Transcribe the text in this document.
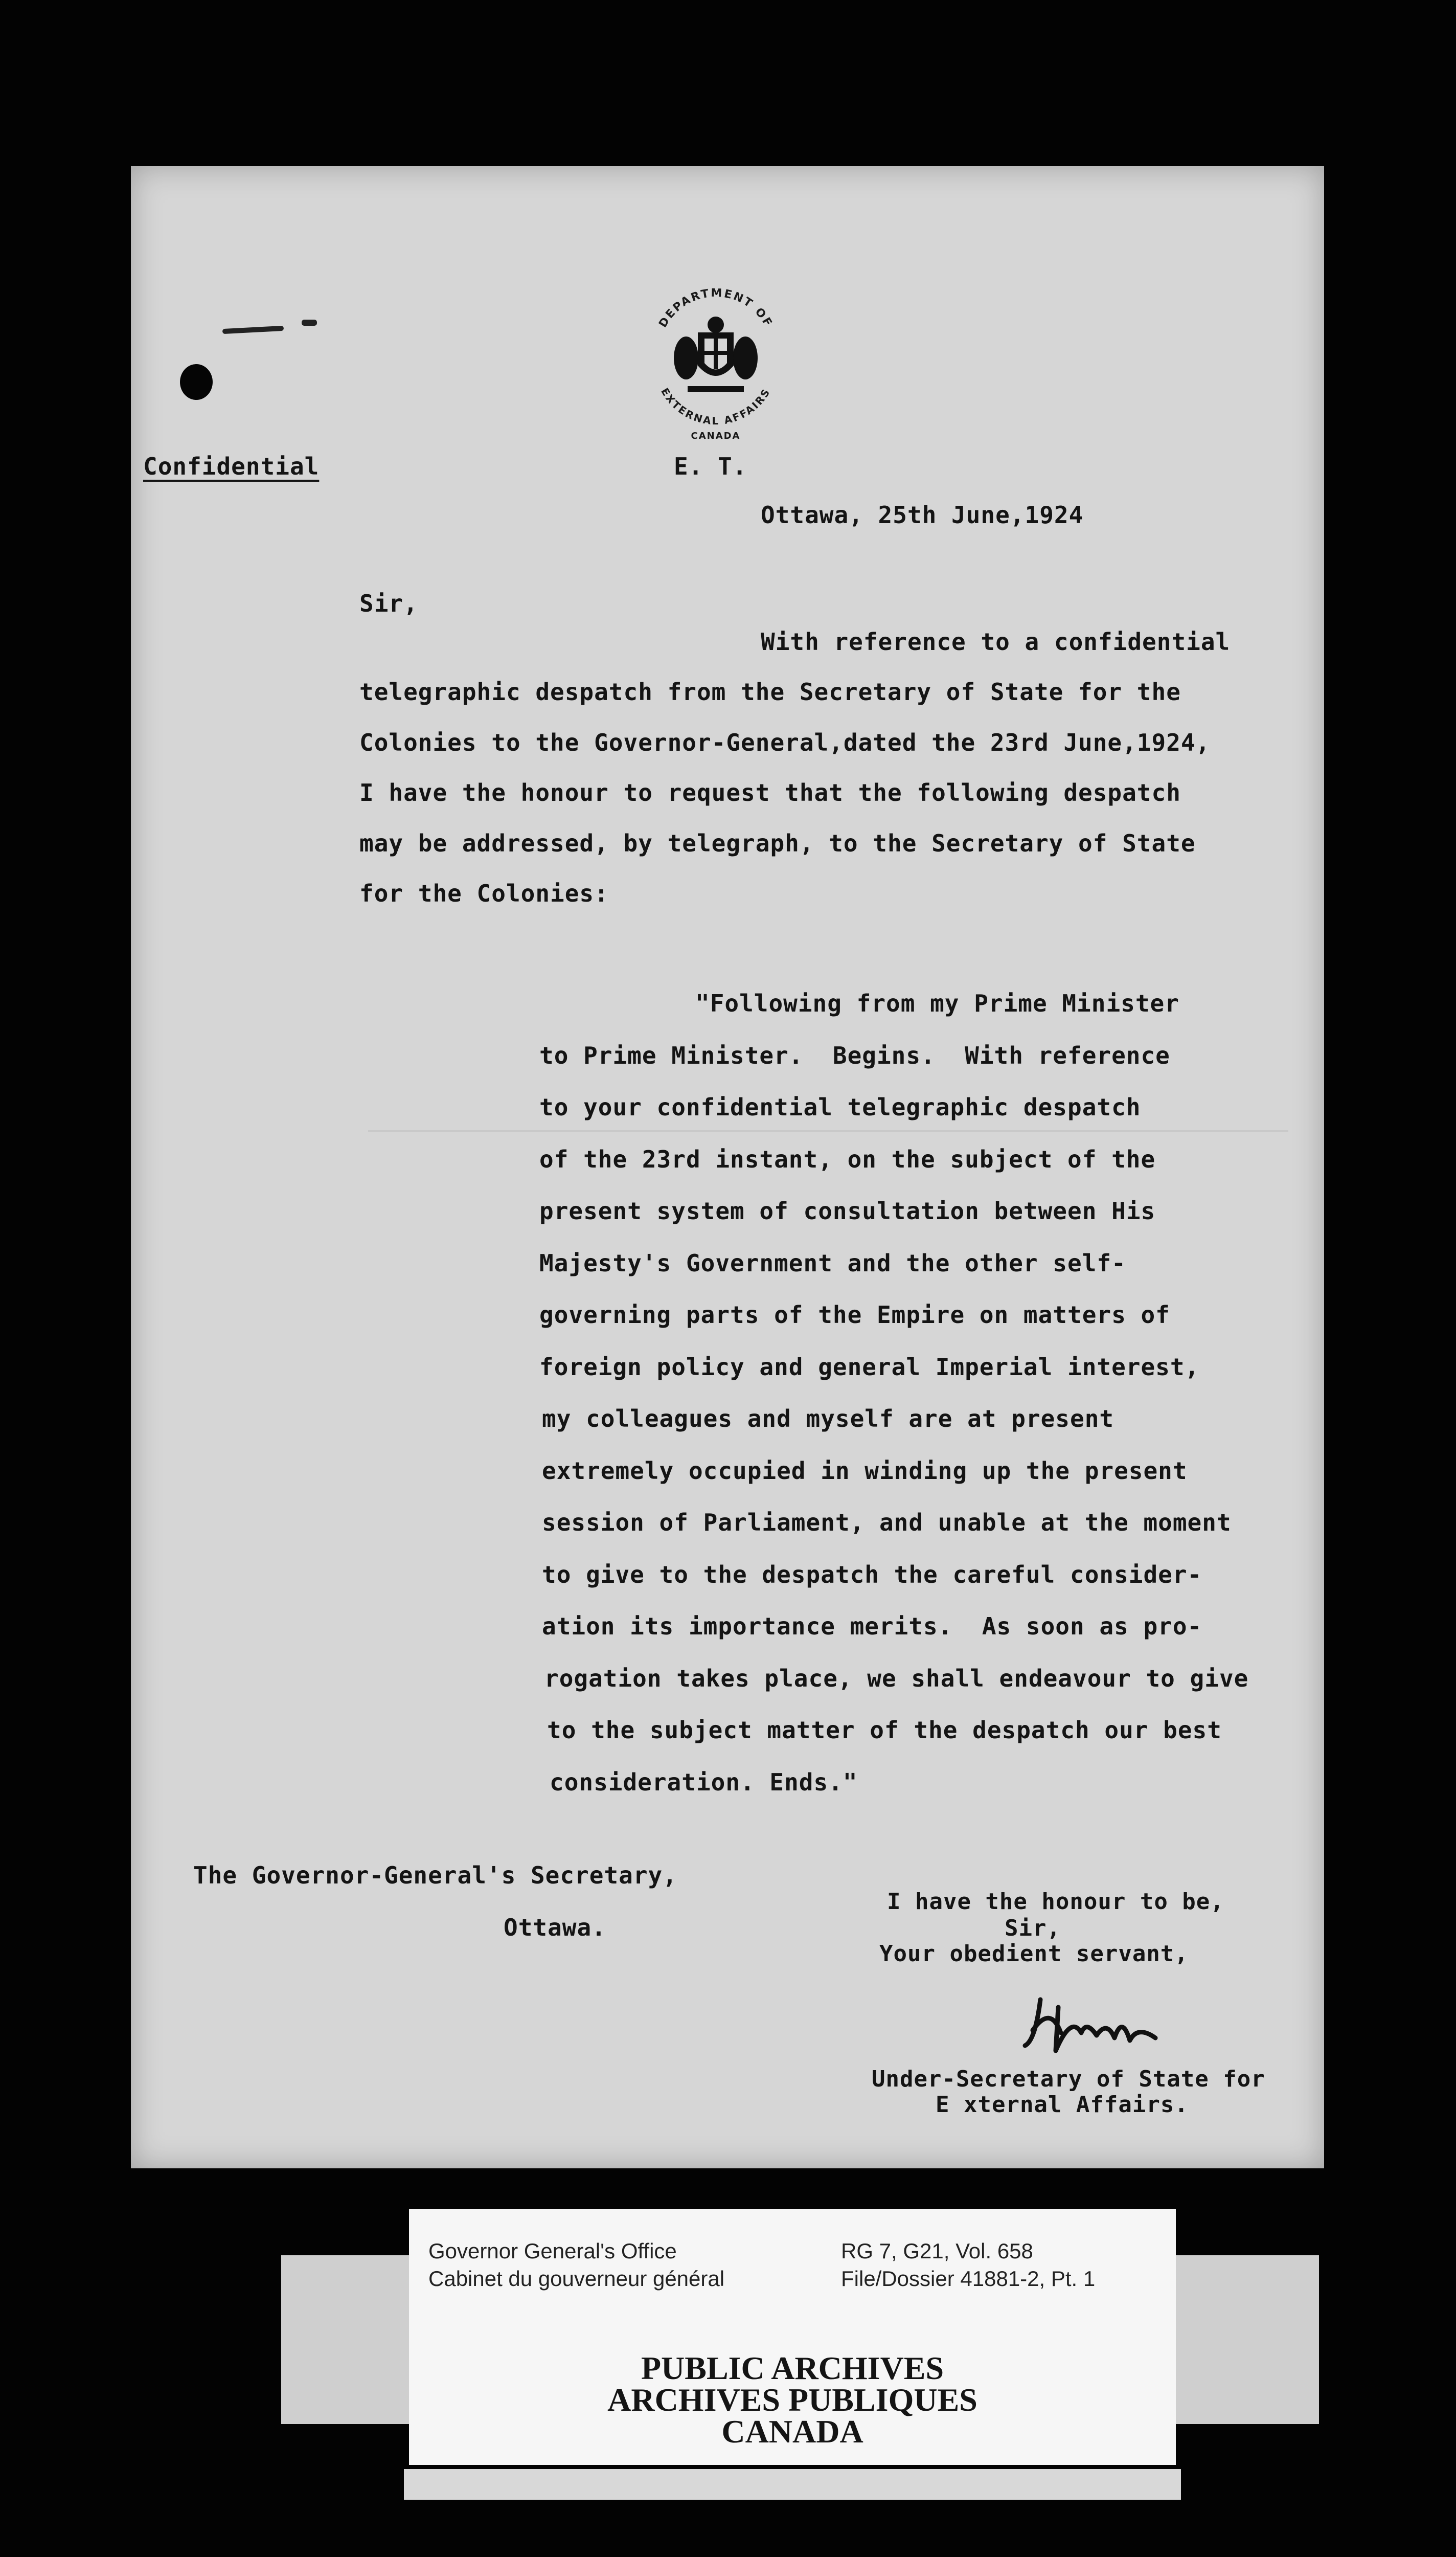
DEPARTMENT OF
EXTERNAL AFFAIRS
CANADA
Confidential	E. T.
Ottawa, 25th June,1924
Sir,
With reference to a confidential
telegraphic despatch from the Secretary of State for the
Colonies to the Governor-General,dated the 23rd June,1924,
I have the honour to request that the following despatch
may be addressed, by telegraph, to the Secretary of State
for the Colonies:
"Following from my Prime Minister
to Prime Minister.  Begins.  With reference
to your confidential telegraphic despatch
of the 23rd instant, on the subject of the
present system of consultation between His
Majesty's Government and the other self-
governing parts of the Empire on matters of
foreign policy and general Imperial interest,
my colleagues and myself are at present
extremely occupied in winding up the present
session of Parliament, and unable at the moment
to give to the despatch the careful consider-
ation its importance merits.  As soon as pro-
rogation takes place, we shall endeavour to give
to the subject matter of the despatch our best
consideration. Ends."
The Governor-General's Secretary,
Ottawa.
I have the honour to be,
Sir,
Your obedient servant,
Under-Secretary of State for
E xternal Affairs.
Governor General's Office
Cabinet du gouverneur général
RG 7, G21, Vol. 658
File/Dossier 41881-2, Pt. 1
PUBLIC ARCHIVES
ARCHIVES PUBLIQUES
CANADA
